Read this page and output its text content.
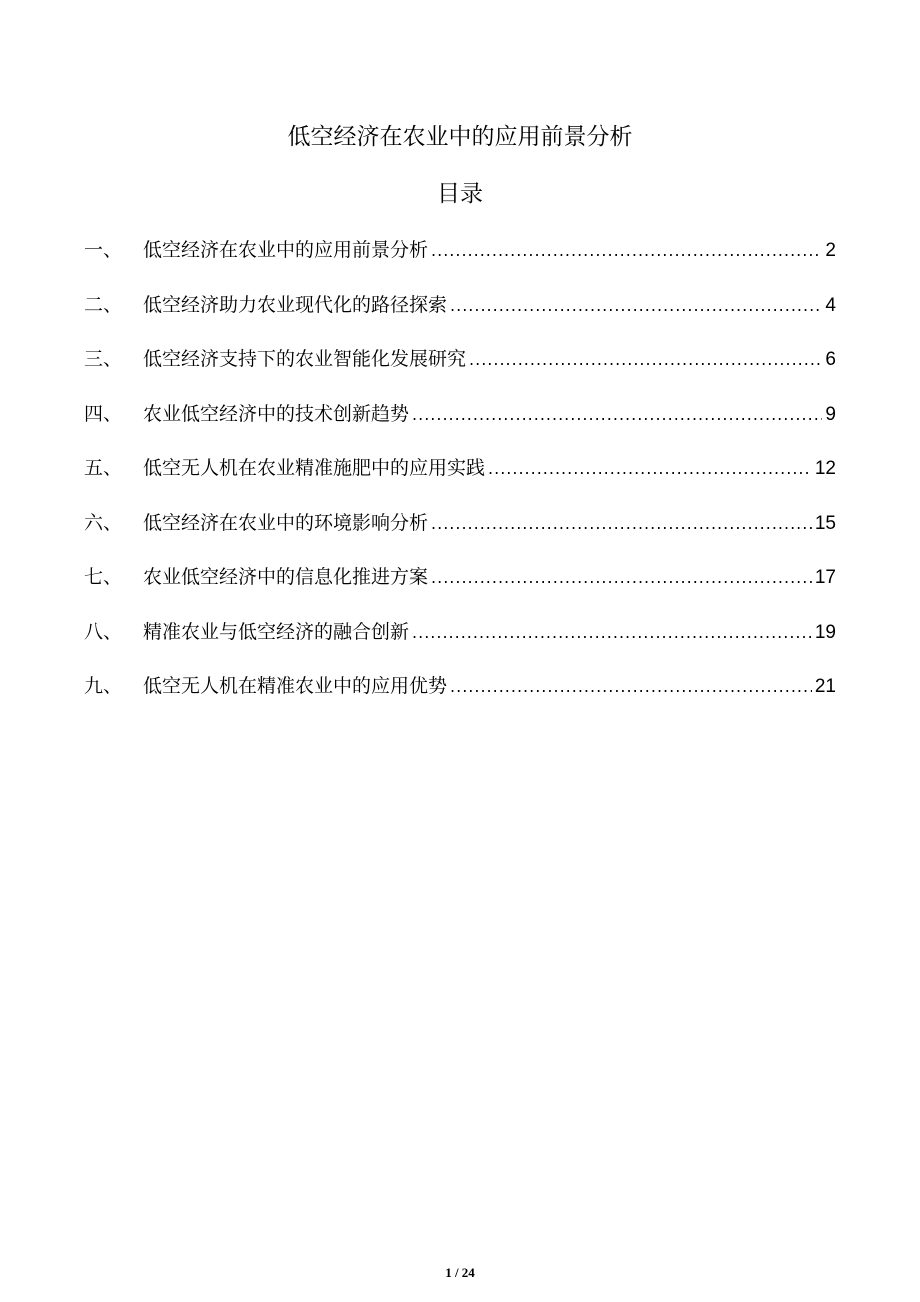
低空经济在农业中的应用前景分析
目录
一、	低空经济在农业中的应用前景分析 .....	2
二、	低空经济助力农业现代化的路径探索 .....	4
三、	低空经济支持下的农业智能化发展研究 .....	6
四、	农业低空经济中的技术创新趋势 .....	9
五、	低空无人机在农业精准施肥中的应用实践 .....	12
六、	低空经济在农业中的环境影响分析 .....	15
七、	农业低空经济中的信息化推进方案 .....	17
八、	精准农业与低空经济的融合创新 .....	19
九、	低空无人机在精准农业中的应用优势 .....	21
1 / 24
